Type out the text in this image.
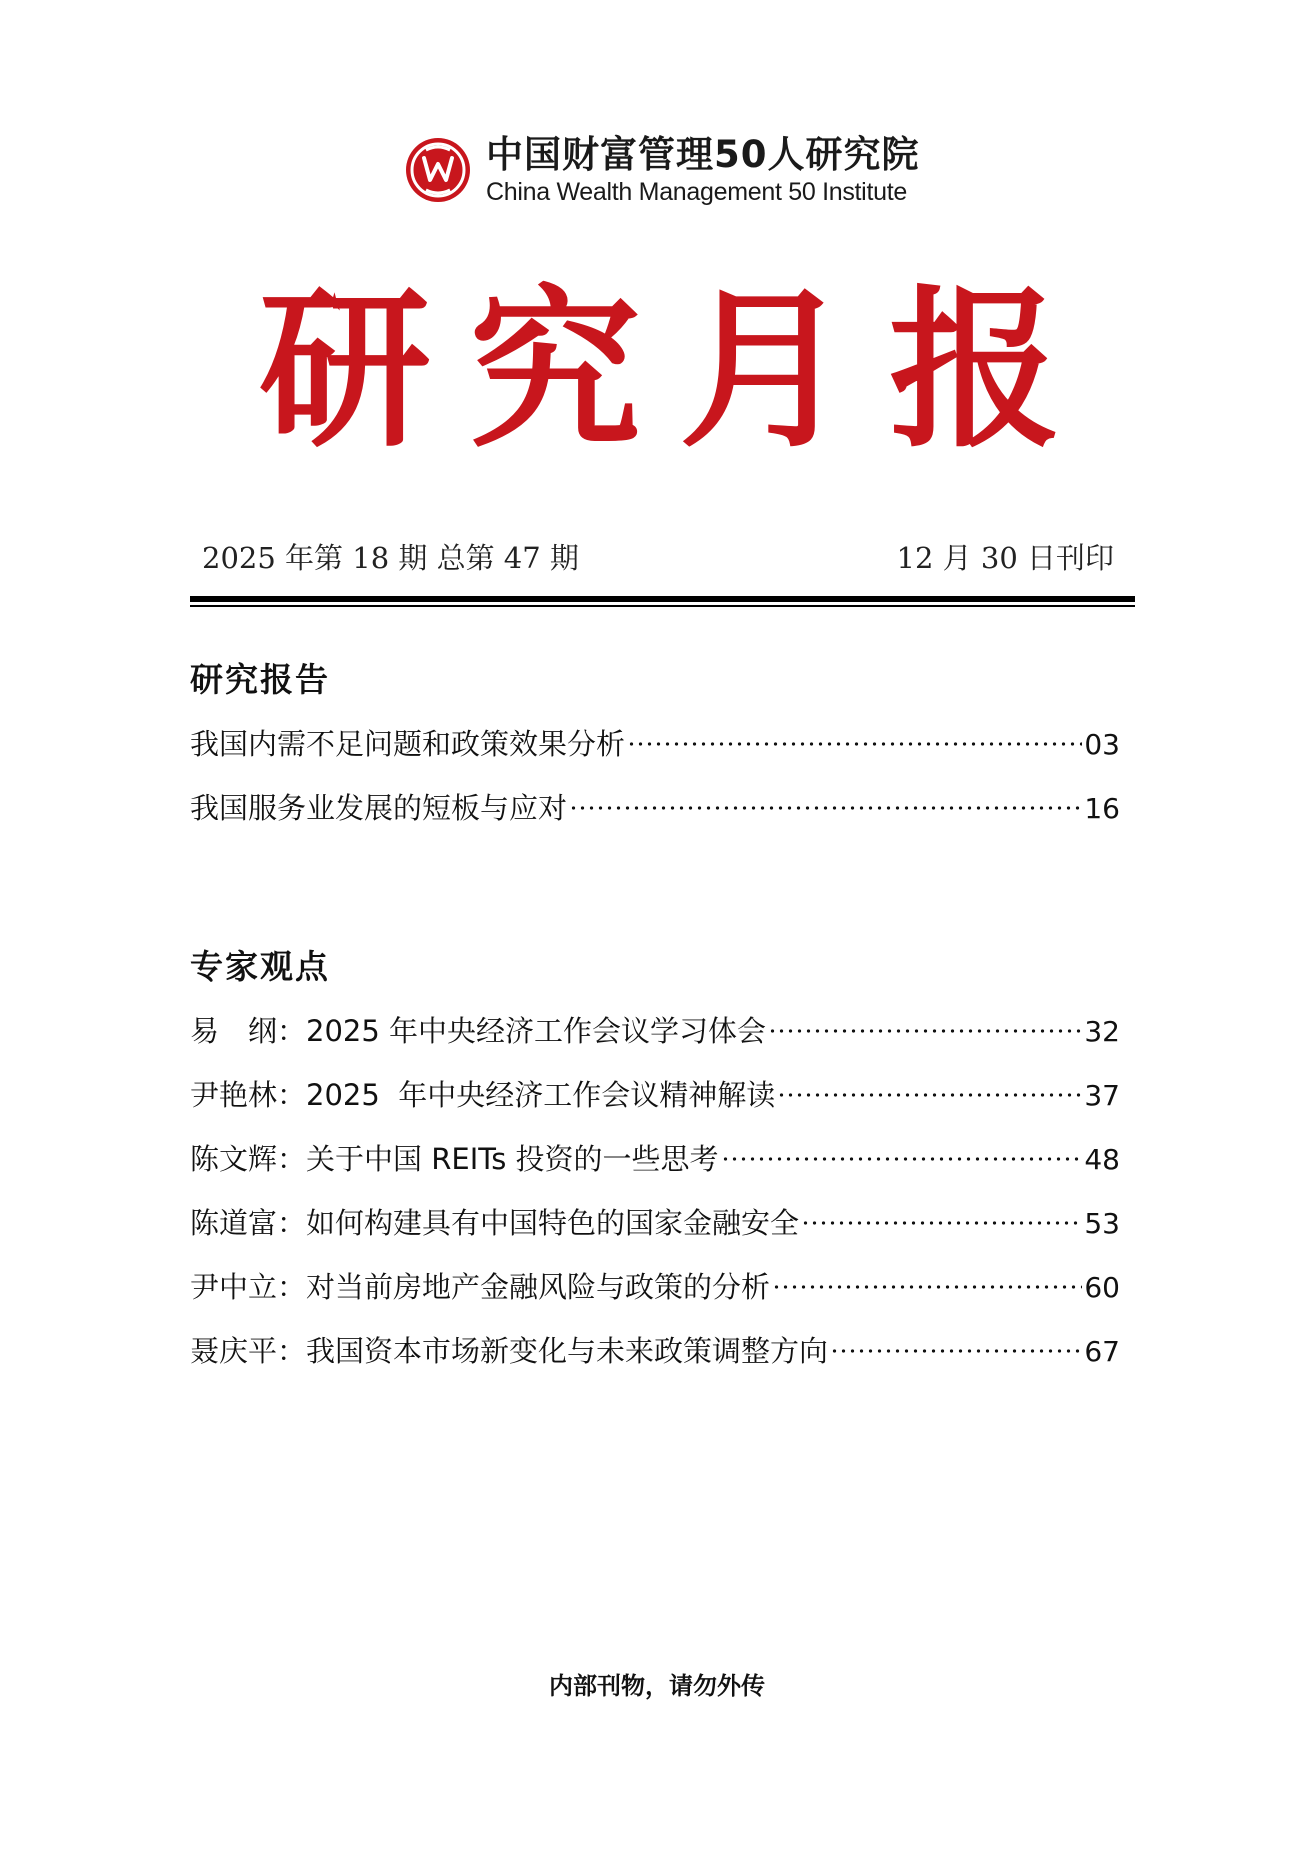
中国财富管理50人研究院
China Wealth Management 50 Institute
研 究 月 报
2025 年第 18 期 总第 47 期	12 月 30 日刊印
研究报告
我国内需不足问题和政策效果分析	03
我国服务业发展的短板与应对	16
专家观点
易　纲 ： 2025 年中央经济工作会议学习体会	32
尹艳林 ： 2025  年中央经济工作会议精神解读	37
陈文辉 ： 关于中国 REITs 投资的一些思考	48
陈道富 ： 如何构建具有中国特色的国家金融安全	53
尹中立 ： 对当前房地产金融风险与政策的分析	60
聂庆平 ： 我国资本市场新变化与未来政策调整方向	67
内部刊物，请勿外传
